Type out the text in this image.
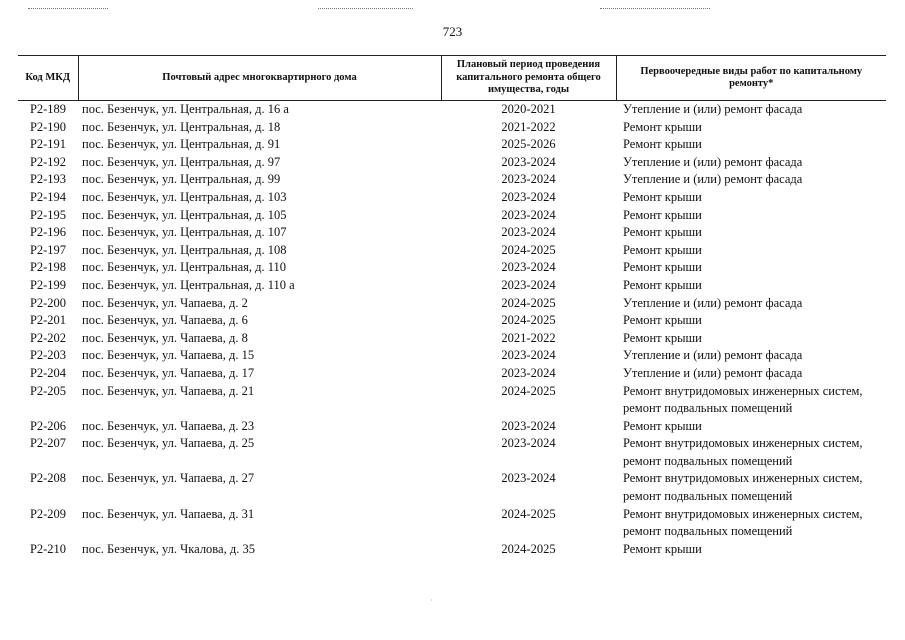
723
Код МКД	Почтовый адрес многоквартирного дома	Плановый период проведения капитального ремонта общего имущества, годы	Первоочередные виды работ по капитальному ремонту*
Р2-189	пос. Безенчук, ул. Центральная, д. 16 а	2020-2021	Утепление и (или) ремонт фасада
Р2-190	пос. Безенчук, ул. Центральная, д. 18	2021-2022	Ремонт крыши
Р2-191	пос. Безенчук, ул. Центральная, д. 91	2025-2026	Ремонт крыши
Р2-192	пос. Безенчук, ул. Центральная, д. 97	2023-2024	Утепление и (или) ремонт фасада
Р2-193	пос. Безенчук, ул. Центральная, д. 99	2023-2024	Утепление и (или) ремонт фасада
Р2-194	пос. Безенчук, ул. Центральная, д. 103	2023-2024	Ремонт крыши
Р2-195	пос. Безенчук, ул. Центральная, д. 105	2023-2024	Ремонт крыши
Р2-196	пос. Безенчук, ул. Центральная, д. 107	2023-2024	Ремонт крыши
Р2-197	пос. Безенчук, ул. Центральная, д. 108	2024-2025	Ремонт крыши
Р2-198	пос. Безенчук, ул. Центральная, д. 110	2023-2024	Ремонт крыши
Р2-199	пос. Безенчук, ул. Центральная, д. 110 а	2023-2024	Ремонт крыши
Р2-200	пос. Безенчук, ул. Чапаева, д. 2	2024-2025	Утепление и (или) ремонт фасада
Р2-201	пос. Безенчук, ул. Чапаева, д. 6	2024-2025	Ремонт крыши
Р2-202	пос. Безенчук, ул. Чапаева, д. 8	2021-2022	Ремонт крыши
Р2-203	пос. Безенчук, ул. Чапаева, д. 15	2023-2024	Утепление и (или) ремонт фасада
Р2-204	пос. Безенчук, ул. Чапаева, д. 17	2023-2024	Утепление и (или) ремонт фасада
Р2-205	пос. Безенчук, ул. Чапаева, д. 21	2024-2025	Ремонт внутридомовых инженерных систем, ремонт подвальных помещений
Р2-206	пос. Безенчук, ул. Чапаева, д. 23	2023-2024	Ремонт крыши
Р2-207	пос. Безенчук, ул. Чапаева, д. 25	2023-2024	Ремонт внутридомовых инженерных систем, ремонт подвальных помещений
Р2-208	пос. Безенчук, ул. Чапаева, д. 27	2023-2024	Ремонт внутридомовых инженерных систем, ремонт подвальных помещений
Р2-209	пос. Безенчук, ул. Чапаева, д. 31	2024-2025	Ремонт внутридомовых инженерных систем, ремонт подвальных помещений
Р2-210	пос. Безенчук, ул. Чкалова, д. 35	2024-2025	Ремонт крыши
·
